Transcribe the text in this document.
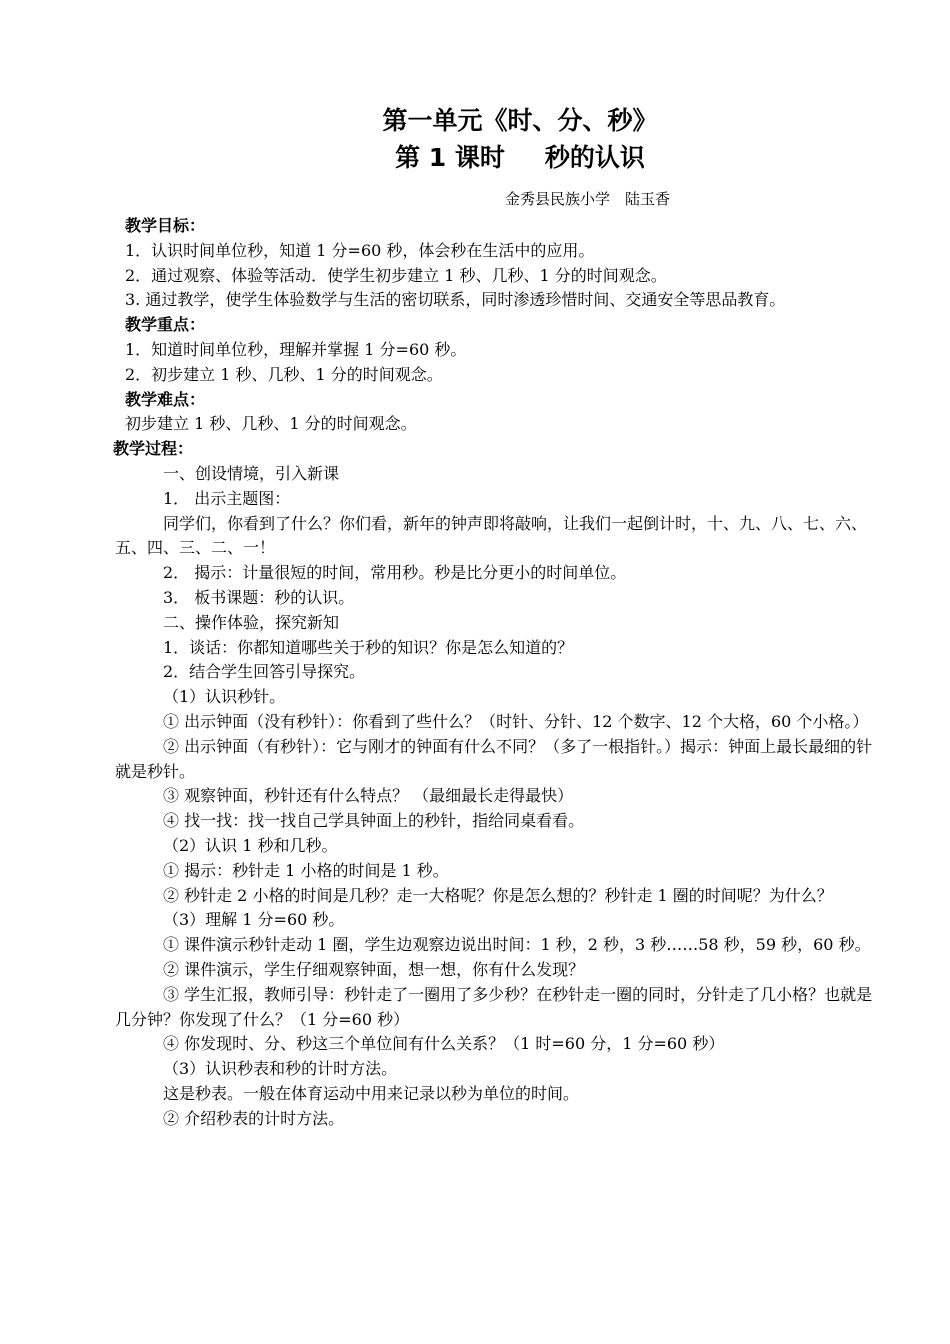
第一单元《时、分、秒》
第 1 课时 秒的认识
金秀县民族小学　陆玉香

教学目标：

1．认识时间单位秒，知道 1 分=60 秒，体会秒在生活中的应用。

2．通过观察、体验等活动．使学生初步建立 1 秒、几秒、1 分的时间观念。

3. 通过教学，使学生体验数学与生活的密切联系，同时渗透珍惜时间、交通安全等思品教育。

教学重点：

1．知道时间单位秒，理解并掌握 1 分=60 秒。

2．初步建立 1 秒、几秒、1 分的时间观念。

教学难点：

初步建立 1 秒、几秒、1 分的时间观念。

教学过程：

一、创设情境，引入新课

1． 出示主题图：

同学们，你看到了什么？你们看，新年的钟声即将敲响，让我们一起倒计时，十、九、八、七、六、五、四、三、二、一！

2． 揭示：计量很短的时间，常用秒。秒是比分更小的时间单位。

3． 板书课题：秒的认识。

二、操作体验，探究新知

1．谈话：你都知道哪些关于秒的知识？你是怎么知道的？

2．结合学生回答引导探究。

（1）认识秒针。

① 出示钟面（没有秒针）：你看到了些什么？（时针、分针、12 个数字、12 个大格，60 个小格。）

② 出示钟面（有秒针）：它与刚才的钟面有什么不同？（多了一根指针。）揭示：钟面上最长最细的针就是秒针。

③ 观察钟面，秒针还有什么特点？ （最细最长走得最快）

④ 找一找：找一找自己学具钟面上的秒针，指给同桌看看。

（2）认识 1 秒和几秒。

① 揭示：秒针走 1 小格的时间是 1 秒。

② 秒针走 2 小格的时间是几秒？走一大格呢？你是怎么想的？秒针走 1 圈的时间呢？为什么？

（3）理解 1 分=60 秒。

① 课件演示秒针走动 1 圈，学生边观察边说出时间：1 秒，2 秒，3 秒……58 秒，59 秒，60 秒。

② 课件演示，学生仔细观察钟面，想一想，你有什么发现？

③ 学生汇报，教师引导：秒针走了一圈用了多少秒？在秒针走一圈的同时，分针走了几小格？也就是几分钟？你发现了什么？（1 分=60 秒）

④ 你发现时、分、秒这三个单位间有什么关系？（1 时=60 分，1 分=60 秒）

（3）认识秒表和秒的计时方法。

这是秒表。一般在体育运动中用来记录以秒为单位的时间。

② 介绍秒表的计时方法。
